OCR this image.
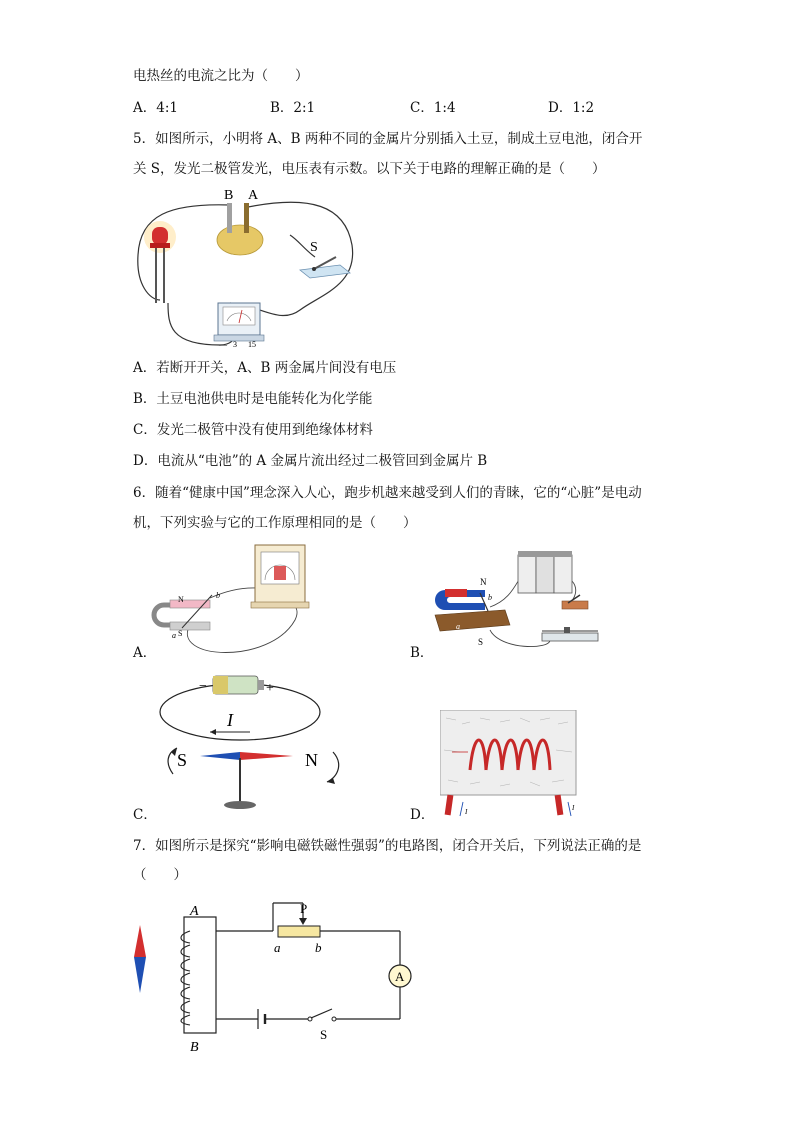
电热丝的电流之比为（　　）
A．4:1	B．2:1	C．1:4	D．1:2
5．如图所示，小明将 A、B 两种不同的金属片分别插入土豆，制成土豆电池，闭合开
关 S，发光二极管发光，电压表有示数。以下关于电路的理解正确的是（　　）
B A
S
— 3 15
A．若断开开关，A、B 两金属片间没有电压
B．土豆电池供电时是电能转化为化学能
C．发光二极管中没有使用到绝缘体材料
D．电流从“电池”的 A 金属片流出经过二极管回到金属片 B
6．随着“健康中国”理念深入人心，跑步机越来越受到人们的青睐，它的“心脏”是电动
机，下列实验与它的工作原理相同的是（　　）
N
S
a
b
A．
N
S
a
b
B．
−	+
I
S	N
C．	I	I
D．
7．如图所示是探究“影响电磁铁磁性强弱”的电路图，闭合开关后，下列说法正确的是
（　　）
A
B
P
a	b
A
S
